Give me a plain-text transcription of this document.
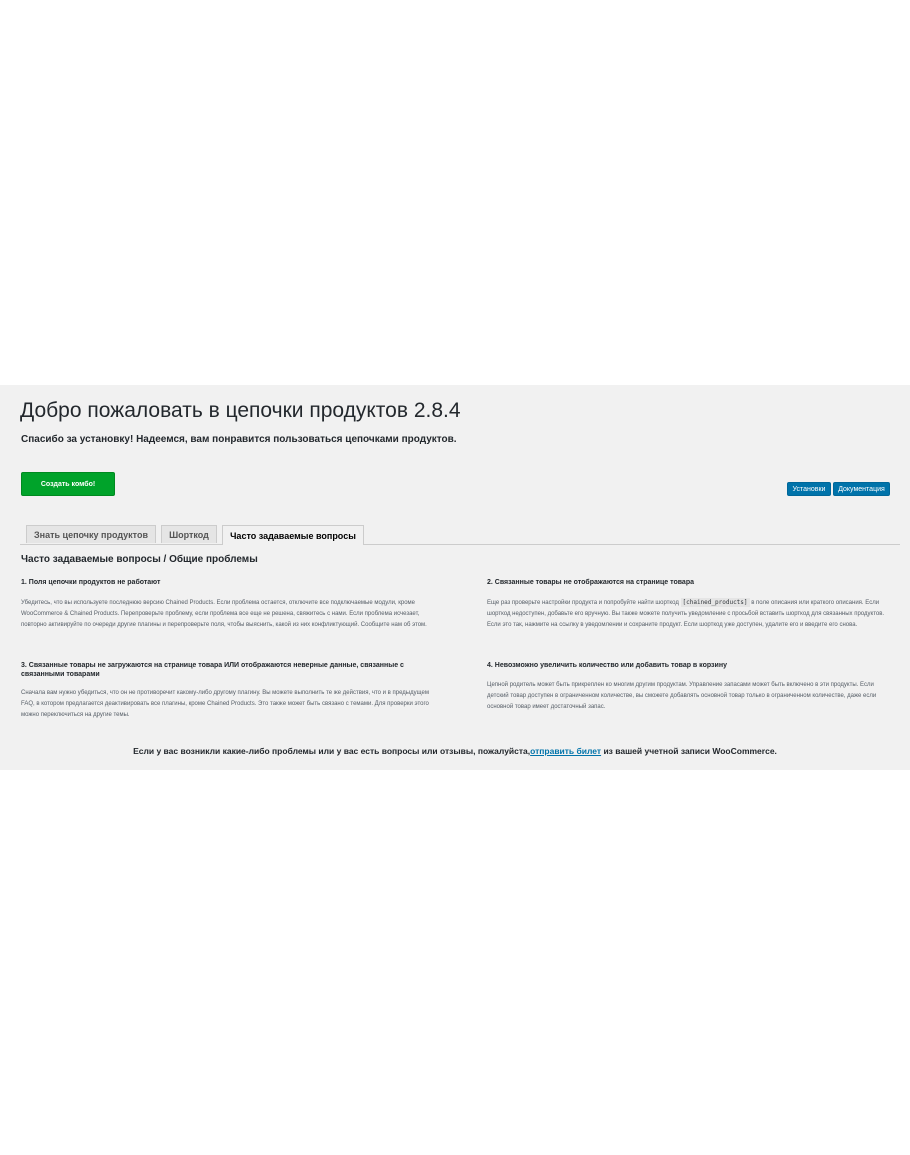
Добро пожаловать в цепочки продуктов 2.8.4
Спасибо за установку! Надеемся, вам понравится пользоваться цепочками продуктов.
Создать комбо!
Установки	Документация
Знать цепочку продуктов	Шорткод	Часто задаваемые вопросы
Часто задаваемые вопросы / Общие проблемы
1. Поля цепочки продуктов не работают
Убедитесь, что вы используете последнюю версию Chained Products. Если проблема остается, отключите все подключаемые модули, кроме WooCommerce & Chained Products. Перепроверьте проблему, если проблема все еще не решена, свяжитесь с нами. Если проблема исчезает, повторно активируйте по очереди другие плагины и перепроверьте поля, чтобы выяснить, какой из них конфликтующий. Сообщите нам об этом.
3. Связанные товары не загружаются на странице товара ИЛИ отображаются неверные данные, связанные с связанными товарами
Сначала вам нужно убедиться, что он не противоречит какому-либо другому плагину. Вы можете выполнить те же действия, что и в предыдущем FAQ, в котором предлагается деактивировать все плагины, кроме Chained Products. Это также может быть связано с темами. Для проверки этого можно переключиться на другие темы.
2. Связанные товары не отображаются на странице товара
Еще раз проверьте настройки продукта и попробуйте найти шорткод [chained_products] в поле описания или краткого описания. Если шорткод недоступен, добавьте его вручную. Вы также можете получить уведомление с просьбой вставить шорткод для связанных продуктов. Если это так, нажмите на ссылку в уведомлении и сохраните продукт. Если шорткод уже доступен, удалите его и введите его снова.
4. Невозможно увеличить количество или добавить товар в корзину
Цепной родитель может быть прикреплен ко многим другим продуктам. Управление запасами может быть включено в эти продукты. Если детский товар доступен в ограниченном количестве, вы сможете добавлять основной товар только в ограниченном количестве, даже если основной товар имеет достаточный запас.
Если у вас возникли какие-либо проблемы или у вас есть вопросы или отзывы, пожалуйста,отправить билет из вашей учетной записи WooCommerce.
